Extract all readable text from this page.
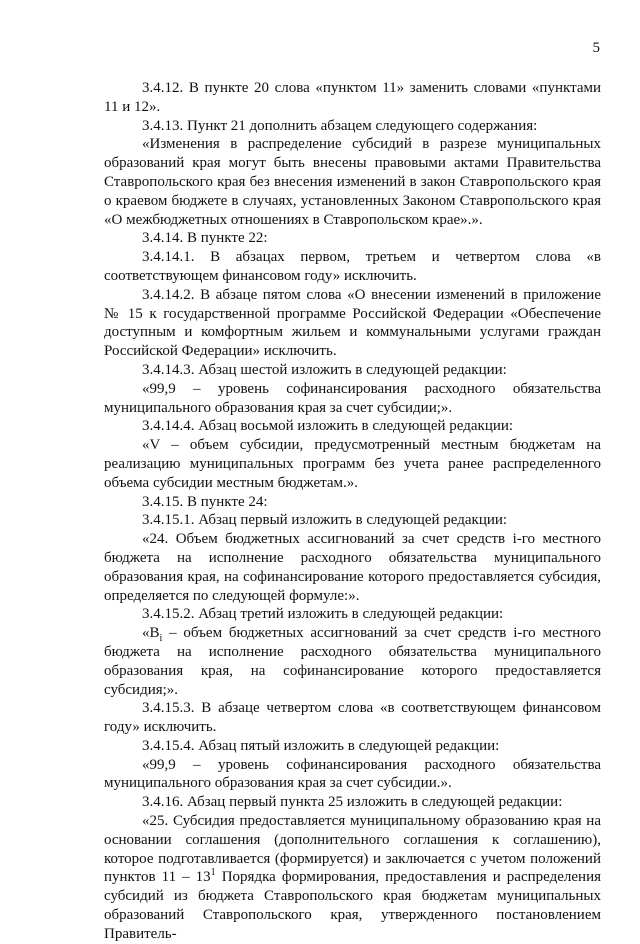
5

3.4.12. В пункте 20 слова «пунктом 11» заменить словами «пунктами 11 и 12».

3.4.13. Пункт 21 дополнить абзацем следующего содержания:

«Изменения в распределение субсидий в разрезе муниципальных образований края могут быть внесены правовыми актами Правительства Ставропольского края без внесения изменений в закон Ставропольского края о краевом бюджете в случаях, установленных Законом Ставропольского края «О межбюджетных отношениях в Ставропольском крае».».

3.4.14. В пункте 22:

3.4.14.1. В абзацах первом, третьем и четвертом слова «в соответствующем финансовом году» исключить.

3.4.14.2. В абзаце пятом слова «О внесении изменений в приложение № 15 к государственной программе Российской Федерации «Обеспечение доступным и комфортным жильем и коммунальными услугами граждан Российской Федерации» исключить.

3.4.14.3. Абзац шестой изложить в следующей редакции:

«99,9 – уровень софинансирования расходного обязательства муниципального образования края за счет субсидии;».

3.4.14.4. Абзац восьмой изложить в следующей редакции:

«V – объем субсидии, предусмотренный местным бюджетам на реализацию муниципальных программ без учета ранее распределенного объема субсидии местным бюджетам.».

3.4.15. В пункте 24:

3.4.15.1. Абзац первый изложить в следующей редакции:

«24. Объем бюджетных ассигнований за счет средств i-го местного бюджета на исполнение расходного обязательства муниципального образования края, на софинансирование которого предоставляется субсидия, определяется по следующей формуле:».

3.4.15.2. Абзац третий изложить в следующей редакции:

«$B_i$ – объем бюджетных ассигнований за счет средств i-го местного бюджета на исполнение расходного обязательства муниципального образования края, на софинансирование которого предоставляется субсидия;».

3.4.15.3. В абзаце четвертом слова «в соответствующем финансовом году» исключить.

3.4.15.4. Абзац пятый изложить в следующей редакции:

«99,9 – уровень софинансирования расходного обязательства муниципального образования края за счет субсидии.».

3.4.16. Абзац первый пункта 25 изложить в следующей редакции:

«25. Субсидия предоставляется муниципальному образованию края на основании соглашения (дополнительного соглашения к соглашению), которое подготавливается (формируется) и заключается с учетом положений пунктов $11 - 13^1$ Порядка формирования, предоставления и распределения субсидий из бюджета Ставропольского края бюджетам муниципальных образований Ставропольского края, утвержденного постановлением Правитель-
